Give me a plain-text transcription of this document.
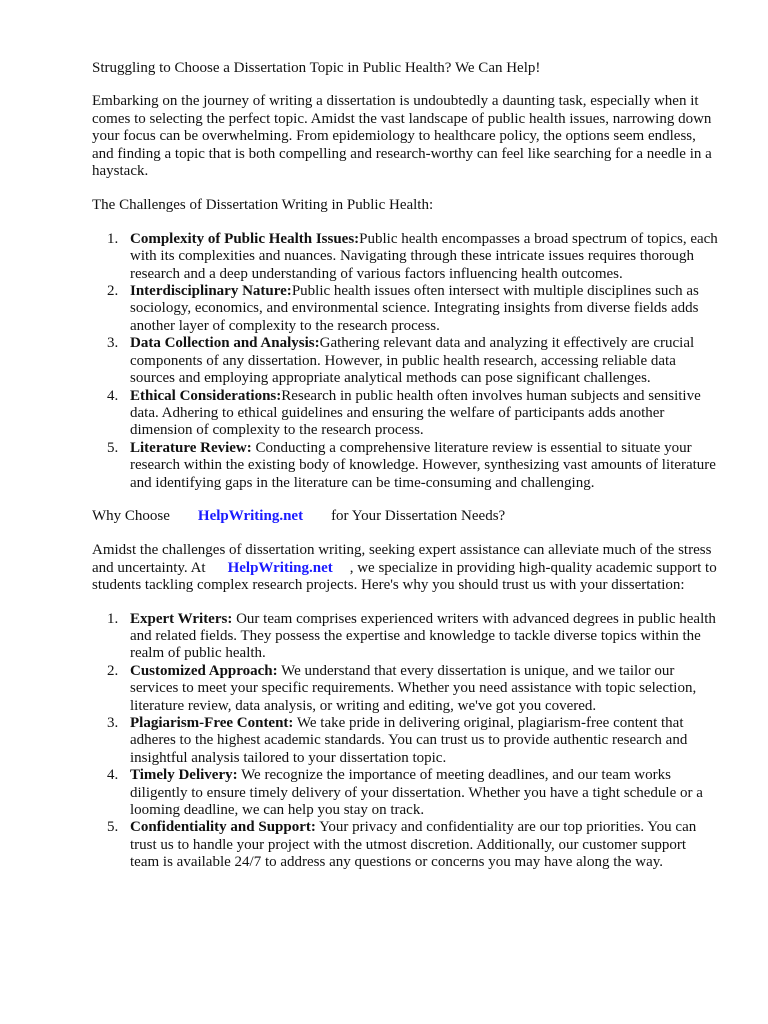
Struggling to Choose a Dissertation Topic in Public Health? We Can Help!

Embarking on the journey of writing a dissertation is undoubtedly a daunting task, especially when it comes to selecting the perfect topic. Amidst the vast landscape of public health issues, narrowing down your focus can be overwhelming. From epidemiology to healthcare policy, the options seem endless, and finding a topic that is both compelling and research-worthy can feel like searching for a needle in a haystack.

The Challenges of Dissertation Writing in Public Health:

1. Complexity of Public Health Issues:Public health encompasses a broad spectrum of topics, each with its complexities and nuances. Navigating through these intricate issues requires thorough research and a deep understanding of various factors influencing health outcomes.
2. Interdisciplinary Nature:Public health issues often intersect with multiple disciplines such as sociology, economics, and environmental science. Integrating insights from diverse fields adds another layer of complexity to the research process.
3. Data Collection and Analysis:Gathering relevant data and analyzing it effectively are crucial components of any dissertation. However, in public health research, accessing reliable data sources and employing appropriate analytical methods can pose significant challenges.
4. Ethical Considerations:Research in public health often involves human subjects and sensitive data. Adhering to ethical guidelines and ensuring the welfare of participants adds another dimension of complexity to the research process.
5. Literature Review: Conducting a comprehensive literature review is essential to situate your research within the existing body of knowledge. However, synthesizing vast amounts of literature and identifying gaps in the literature can be time-consuming and challenging.

Why Choose HelpWriting.net for Your Dissertation Needs?

Amidst the challenges of dissertation writing, seeking expert assistance can alleviate much of the stress and uncertainty. At HelpWriting.net , we specialize in providing high-quality academic support to students tackling complex research projects. Here's why you should trust us with your dissertation:

1. Expert Writers: Our team comprises experienced writers with advanced degrees in public health and related fields. They possess the expertise and knowledge to tackle diverse topics within the realm of public health.
2. Customized Approach: We understand that every dissertation is unique, and we tailor our services to meet your specific requirements. Whether you need assistance with topic selection, literature review, data analysis, or writing and editing, we've got you covered.
3. Plagiarism-Free Content: We take pride in delivering original, plagiarism-free content that adheres to the highest academic standards. You can trust us to provide authentic research and insightful analysis tailored to your dissertation topic.
4. Timely Delivery: We recognize the importance of meeting deadlines, and our team works diligently to ensure timely delivery of your dissertation. Whether you have a tight schedule or a looming deadline, we can help you stay on track.
5. Confidentiality and Support: Your privacy and confidentiality are our top priorities. You can trust us to handle your project with the utmost discretion. Additionally, our customer support team is available 24/7 to address any questions or concerns you may have along the way.
